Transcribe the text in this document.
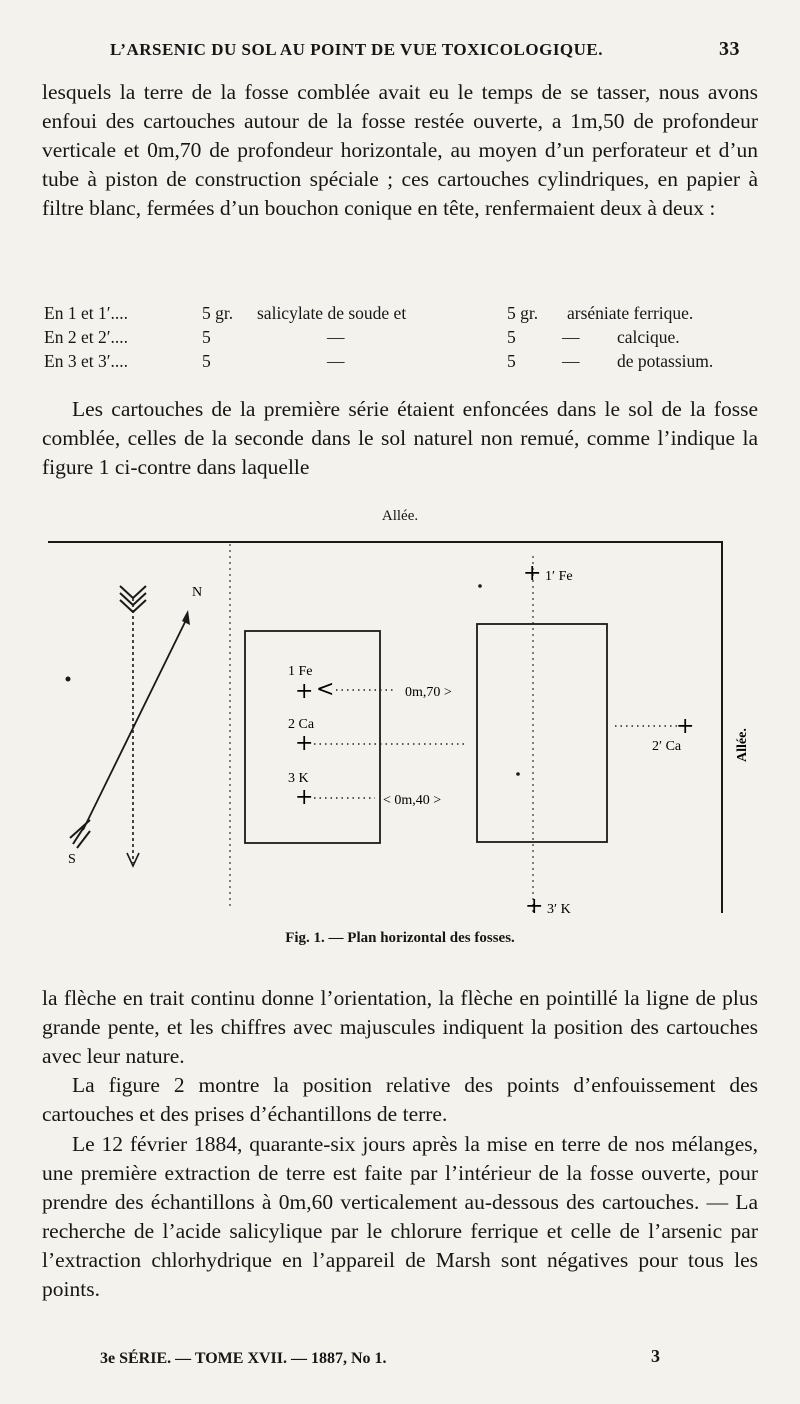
L’ARSENIC DU SOL AU POINT DE VUE TOXICOLOGIQUE.	33
lesquels la terre de la fosse comblée avait eu le temps de se tasser, nous avons enfoui des cartouches autour de la fosse restée ouverte, a 1m,50 de profondeur verticale et 0m,70 de profondeur horizontale, au moyen d’un perforateur et d’un tube à piston de construction spéciale ; ces cartouches cylindriques, en papier à filtre blanc, fermées d’un bouchon conique en tête, renfermaient deux à deux :
En 1 et 1′....	5 gr. salicylate de soude et	5 gr. arséniate ferrique.
En 2 et 2′....	5	—	5	— calcique.
En 3 et 3′....	5	—	5	— de potassium.
Les cartouches de la première série étaient enfoncées dans le sol de la fosse comblée, celles de la seconde dans le sol naturel non remué, comme l’indique la figure 1 ci-contre dans laquelle
Allée.
N
S
1 Fe
+ <	0m,70 >
2 Ca
+
3 K
+	< 0m,40 >
+ 1′ Fe
+
2′ Ca
+ 3′ K
Allée.
Fig. 1. — Plan horizontal des fosses.
la flèche en trait continu donne l’orientation, la flèche en pointillé la ligne de plus grande pente, et les chiffres avec majuscules indiquent la position des cartouches avec leur nature.
La figure 2 montre la position relative des points d’enfouissement des cartouches et des prises d’échantillons de terre.
Le 12 février 1884, quarante-six jours après la mise en terre de nos mélanges, une première extraction de terre est faite par l’intérieur de la fosse ouverte, pour prendre des échantillons à 0m,60 verticalement au-dessous des cartouches. — La recherche de l’acide salicylique par le chlorure ferrique et celle de l’arsenic par l’extraction chlorhydrique en l’appareil de Marsh sont négatives pour tous les points.
3e SÉRIE. — TOME XVII. — 1887, No 1.	3
